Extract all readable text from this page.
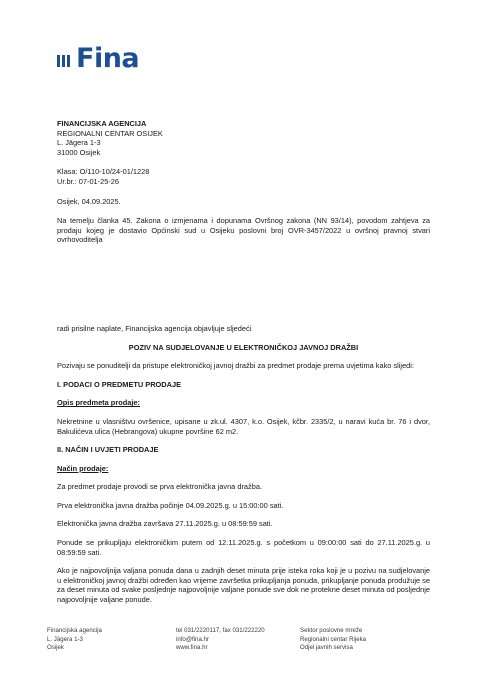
Fina
FINANCIJSKA AGENCIJA
REGIONALNI CENTAR OSIJEK
L. Jägera 1-3
31000 Osijek
Klasa: O/110-10/24-01/1228
Ur.br.: 07-01-25-26
Osijek, 04.09.2025.
Na temelju članka 45. Zakona o izmjenama i dopunama Ovršnog zakona (NN 93/14), povodom zahtjeva za prodaju kojeg je dostavio Općinski sud u Osijeku poslovni broj OVR-3457/2022 u ovršnoj pravnoj stvari ovrhovoditelja
radi prisilne naplate, Financijska agencija objavljuje sljedeći
POZIV NA SUDJELOVANJE U ELEKTRONIČKOJ JAVNOJ DRAŽBI
Pozivaju se ponuditelji da pristupe elektroničkoj javnoj dražbi za predmet prodaje prema uvjetima kako slijedi:
I. PODACI O PREDMETU PRODAJE
Opis predmeta prodaje:
Nekretnine u vlasništvu ovršenice, upisane u zk.ul. 4307, k.o. Osijek, kčbr. 2335/2, u naravi kuća br. 76 i dvor, Bakulićeva ulica (Hebrangova) ukupne površine 62 m2.
II. NAČIN I UVJETI PRODAJE
Način prodaje:
Za predmet prodaje provodi se prva elektronička javna dražba.
Prva elektronička javna dražba počinje 04.09.2025.g. u 15:00:00 sati.
Elektronička javna dražba završava 27.11.2025.g. u 08:59:59 sati.
Ponude se prikupljaju elektroničkim putem od 12.11.2025.g. s početkom u 09:00:00 sati do 27.11.2025.g. u 08:59:59 sati.
Ako je najpovoljnija valjana ponuda dana u zadnjih deset minuta prije isteka roka koji je u pozivu na sudjelovanje u elektroničkoj javnoj dražbi određen kao vrijeme završetka prikupljanja ponuda, prikupljanje ponuda produžuje se za deset minuta od svake posljednje najpovoljnije valjane ponude sve dok ne protekne deset minuta od posljednje najpovoljnije valjane ponude.
Financijska agencija
L. Jägera 1-3
Osijek
tel 031/2220117, fax 031/222220
info@fina.hr
www.fina.hr
Sektor poslovne mreže
Regionalni centar Rijeka
Odjel javnih servisa
